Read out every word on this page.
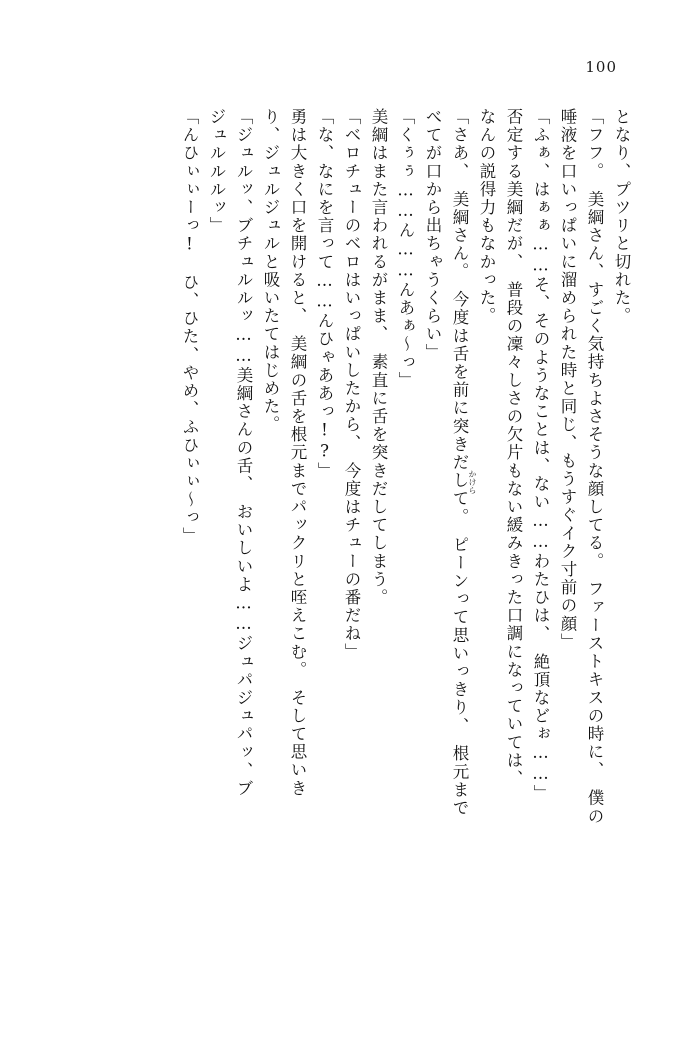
100
「んひぃぃーっ!　ひ、ひた、やめ、ふひぃぃ～っ」 ジュルルルッ」 「ジュルッ、ブチュルルッ……美綱さんの舌、　おいしいよ……ジュパジュパッ、ブ り、ジュルジュルと吸いたてはじめた。 勇は大きく口を開けると、　美綱の舌を根元までパックリと咥えこむ。　そして思いき 「な、なにを言って……んひゃああっ!?」 「ベロチューのベロはいっぱいしたから、　今度はチューの番だね」 美綱はまた言われるがまま、　素直に舌を突きだしてしまう。 「くぅぅ……ん……んあぁ～っ」 べてが口から出ちゃうくらい」 「さあ、　美綱さん。　今度は舌を前に突きだして。　ピーンって思いっきり、　根元まで なんの説得力もなかった。 否定する美綱だが、　普段の凜々しさの欠片もない緩みきった口調になっていては、 「ふぁ、はぁぁ……そ、そのようなことは、ない……わたひは、　絶頂などぉ……」 唾液を口いっぱいに溜められた時と同じ、もうすぐイク寸前の顔」 「フフ。　美綱さん、すごく気持ちよさそうな顔してる。　ファーストキスの時に、　僕の となり、プツリと切れた。
かけら
